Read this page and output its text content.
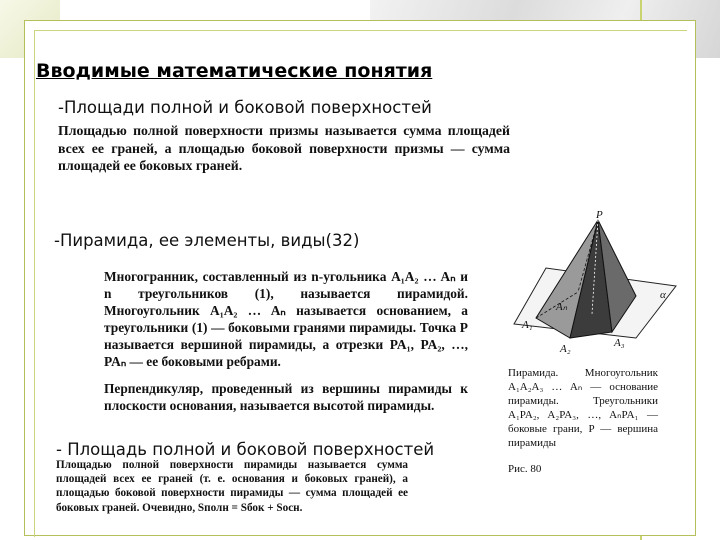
Вводимые математические понятия
-Площади полной и боковой поверхностей
Площадью полной поверхности призмы называется сумма площадей всех ее граней, а площадью боковой поверхности призмы — сумма площадей ее боковых граней.
-Пирамида, ее элементы, виды(32)
Многогранник, составленный из n-угольника A₁A₂ … Aₙ и n треугольников (1), называется пирамидой. Многоугольник A₁A₂ … Aₙ называется основанием, а треугольники (1) — боковыми гранями пирамиды. Точка P называется вершиной пирамиды, а отрезки PA₁, PA₂, …, PAₙ — ее боковыми ребрами.
Перпендикуляр, проведенный из вершины пирамиды к плоскости основания, называется высотой пирамиды.
- Площадь полной и боковой поверхностей
Площадью полной поверхности пирамиды называется сумма площадей всех ее граней (т. е. основания и боковых граней), а площадью боковой поверхности пирамиды — сумма площадей ее боковых граней. Очевидно, Sполн = Sбок + Sосн.
P
A₁
A₂	A₃
Aₙ
α
Пирамида. Многоугольник A₁A₂A₃ … Aₙ — основание пирамиды. Треугольники A₁PA₂, A₂PA₃, …, AₙPA₁ — боковые грани, P — вершина пирамиды
Рис. 80
